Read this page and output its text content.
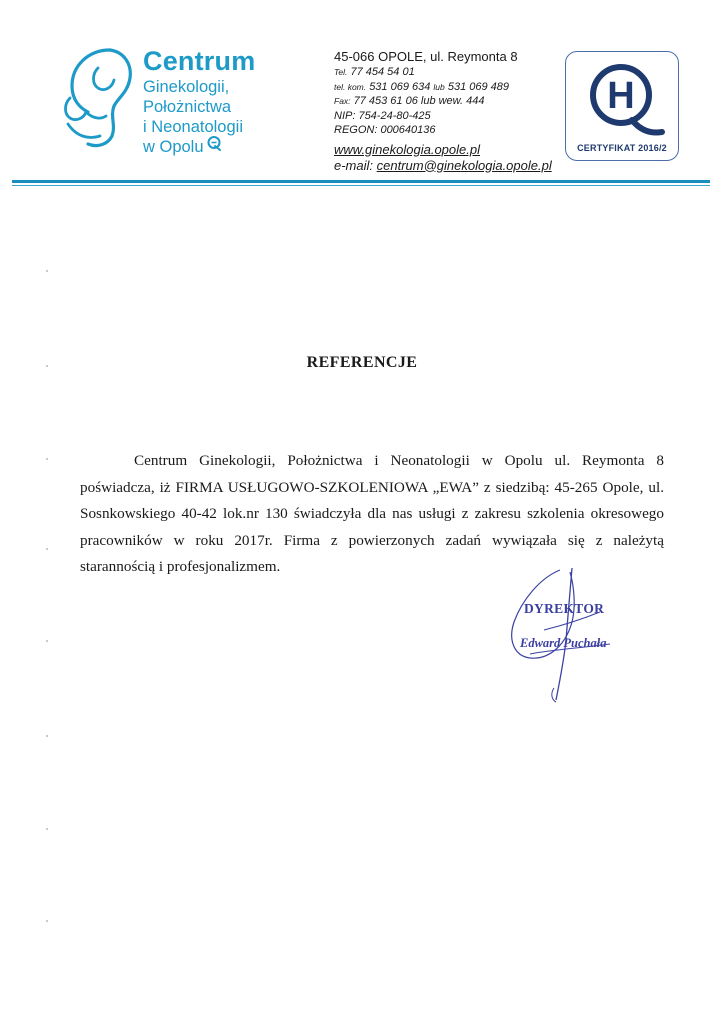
Centrum
Ginekologii,
Położnictwa
i Neonatologii
w Opolu
45-066 OPOLE, ul. Reymonta 8
Tel. 77 454 54 01
tel. kom. 531 069 634 lub 531 069 489
Fax: 77 453 61 06 lub wew. 444
NIP: 754-24-80-425
REGON: 000640136
www.ginekologia.opole.pl
e-mail: centrum@ginekologia.opole.pl
H
CERTYFIKAT 2016/2
REFERENCJE
Centrum Ginekologii, Położnictwa i Neonatologii w Opolu ul. Reymonta 8 poświadcza, iż FIRMA USŁUGOWO-SZKOLENIOWA „EWA” z siedzibą: 45-265 Opole, ul. Sosnkowskiego 40-42 lok.nr 130 świadczyła dla nas usługi z zakresu szkolenia okresowego pracowników w roku 2017r. Firma z powierzonych zadań wywiązała się z należytą starannością i profesjonalizmem.
DYREKTOR
Edward Puchała
